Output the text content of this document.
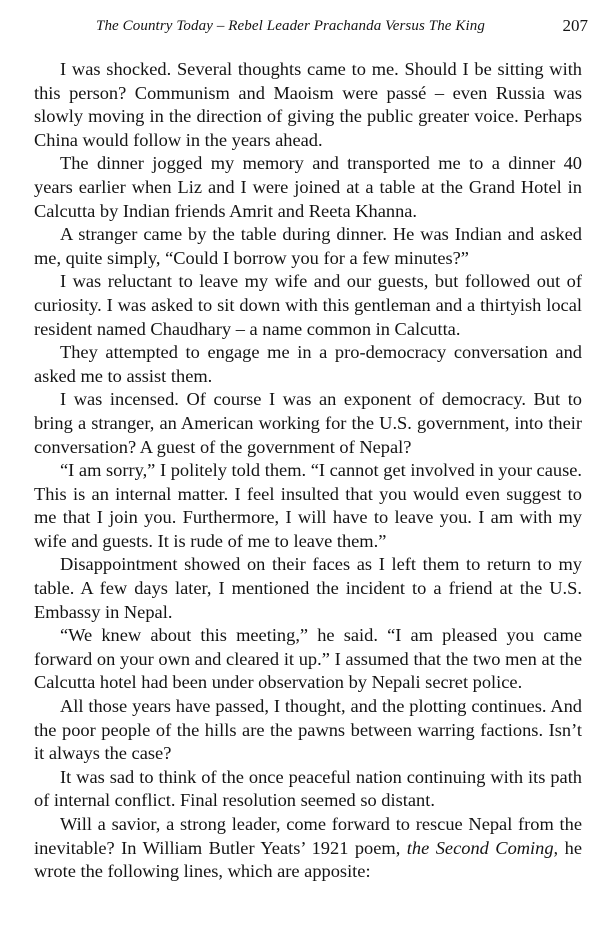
The Country Today – Rebel Leader Prachanda Versus The King	207

I was shocked. Several thoughts came to me. Should I be sitting with this person? Communism and Maoism were passé – even Russia was slowly moving in the direction of giving the public greater voice. Perhaps China would follow in the years ahead.

The dinner jogged my memory and transported me to a dinner 40 years earlier when Liz and I were joined at a table at the Grand Hotel in Calcutta by Indian friends Amrit and Reeta Khanna.

A stranger came by the table during dinner. He was Indian and asked me, quite simply, “Could I borrow you for a few minutes?”

I was reluctant to leave my wife and our guests, but followed out of curiosity. I was asked to sit down with this gentleman and a thirtyish local resident named Chaudhary – a name common in Calcutta.

They attempted to engage me in a pro-democracy conversation and asked me to assist them.

I was incensed. Of course I was an exponent of democracy. But to bring a stranger, an American working for the U.S. government, into their conversation? A guest of the government of Nepal?

“I am sorry,” I politely told them. “I cannot get involved in your cause. This is an internal matter. I feel insulted that you would even suggest to me that I join you. Furthermore, I will have to leave you. I am with my wife and guests. It is rude of me to leave them.”

Disappointment showed on their faces as I left them to return to my table. A few days later, I mentioned the incident to a friend at the U.S. Embassy in Nepal.

“We knew about this meeting,” he said. “I am pleased you came forward on your own and cleared it up.” I assumed that the two men at the Calcutta hotel had been under observation by Nepali secret police.

All those years have passed, I thought, and the plotting continues. And the poor people of the hills are the pawns between warring factions. Isn’t it always the case?

It was sad to think of the once peaceful nation continuing with its path of internal conflict. Final resolution seemed so distant.

Will a savior, a strong leader, come forward to rescue Nepal from the inevitable? In William Butler Yeats’ 1921 poem, the Second Coming, he wrote the following lines, which are apposite:
